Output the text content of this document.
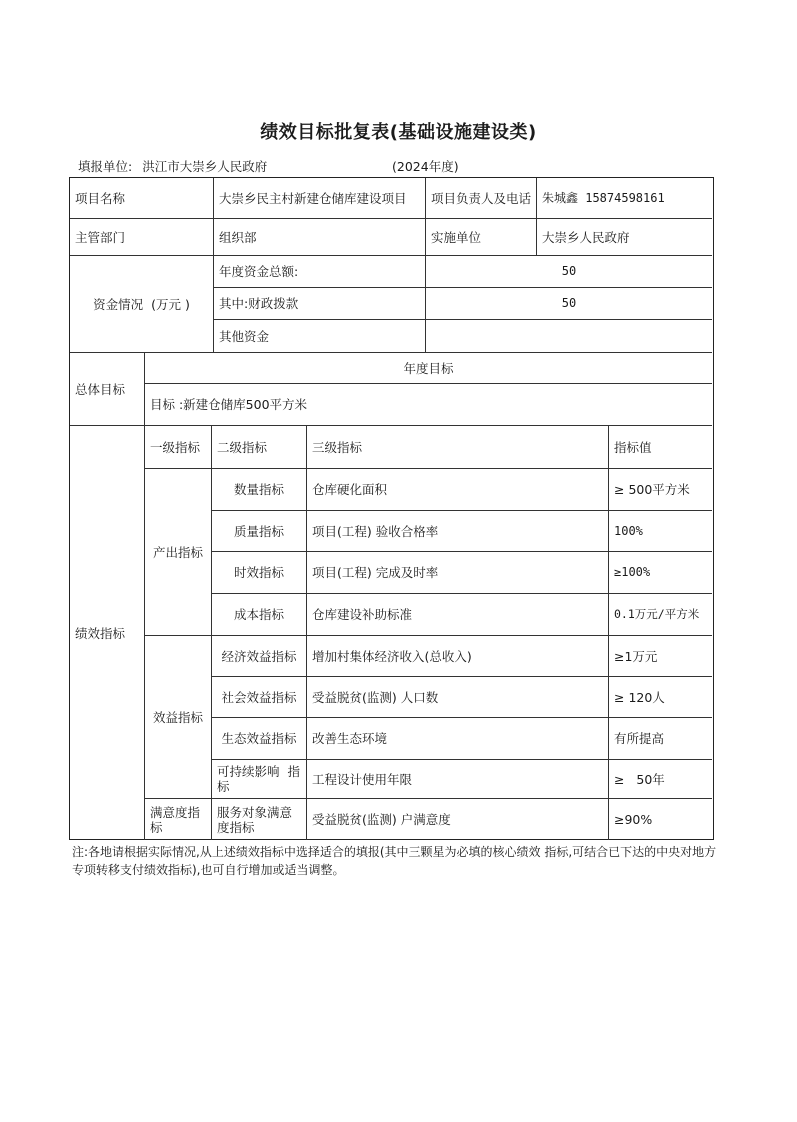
绩效目标批复表(基础设施建设类)
填报单位: 洪江市大崇乡人民政府	(2024年度)
项目名称	大崇乡民主村新建仓储库建设项目	项目负责人及电话 朱城鑫 15874598161
主管部门	组织部	实施单位	大崇乡人民政府
资金情况  (万元 )
年度资金总额:	50
其中:财政拨款	50
其他资金
总体目标
年度目标
目标 :新建仓储库500平方米
绩效指标
一级指标	二级指标	三级指标	指标值
产出指标
数量指标	仓库硬化面积	≥ 500平方米
质量指标	项目(工程) 验收合格率	100%
时效指标	项目(工程) 完成及时率	≥100%
成本指标	仓库建设补助标准	0.1万元/平方米
效益指标
经济效益指标	增加村集体经济收入(总收入)	≥1万元
社会效益指标	受益脱贫(监测) 人口数	≥ 120人
生态效益指标	改善生态环境	有所提高
可持续影响  指标	工程设计使用年限	≥   50年
满意度指标
服务对象满意度指标	受益脱贫(监测) 户满意度	≥90%
注:各地请根据实际情况,从上述绩效指标中选择适合的填报(其中三颗星为必填的核心绩效 指标,可结合已下达的中央对地方专项转移支付绩效指标),也可自行增加或适当调整。
